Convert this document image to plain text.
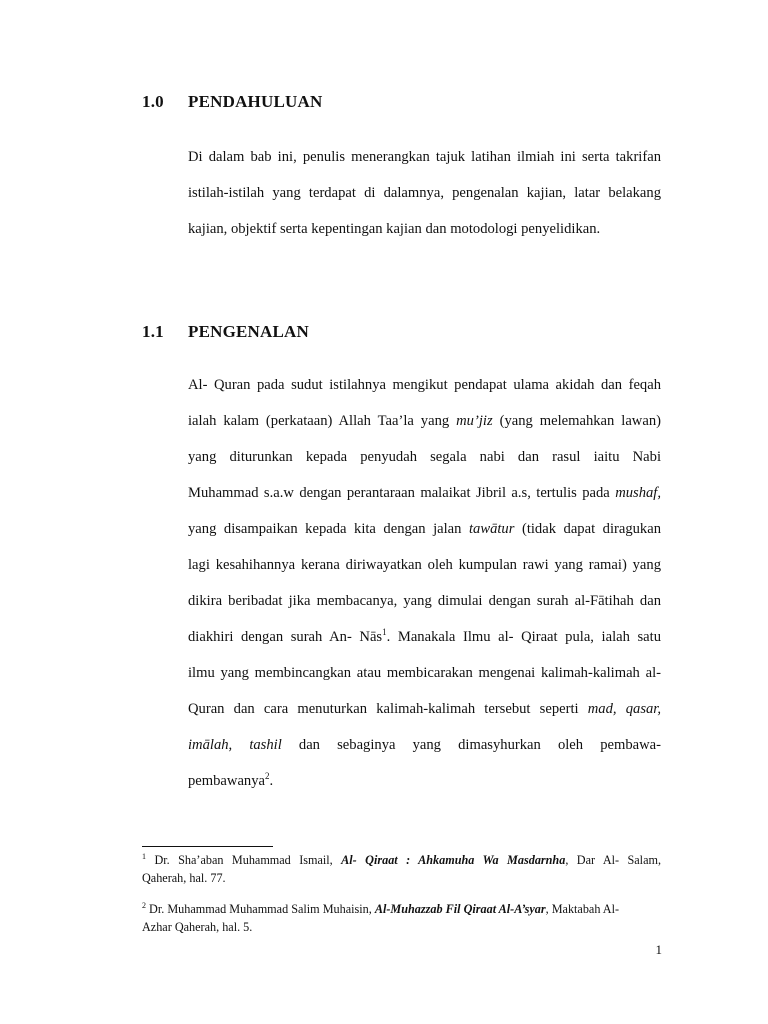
1.0 PENDAHULUAN
Di dalam bab ini, penulis menerangkan tajuk latihan ilmiah ini serta takrifan
istilah-istilah yang terdapat di dalamnya, pengenalan kajian, latar belakang
kajian, objektif serta kepentingan kajian dan motodologi penyelidikan.
1.1 PENGENALAN
Al- Quran pada sudut istilahnya mengikut pendapat ulama akidah dan feqah
ialah kalam (perkataan) Allah Taa’la yang mu’jiz (yang melemahkan lawan)
yang diturunkan kepada penyudah segala nabi dan rasul iaitu Nabi
Muhammad s.a.w dengan perantaraan malaikat Jibril a.s, tertulis pada mushaf,
yang disampaikan kepada kita dengan jalan tawātur (tidak dapat diragukan
lagi kesahihannya kerana diriwayatkan oleh kumpulan rawi yang ramai) yang
dikira beribadat jika membacanya, yang dimulai dengan surah al-Fātihah dan
diakhiri dengan surah An- Nās$^1$. Manakala Ilmu al- Qiraat pula, ialah satu
ilmu yang membincangkan atau membicarakan mengenai kalimah-kalimah al-
Quran dan cara menuturkan kalimah-kalimah tersebut seperti mad, qasar,
imālah, tashil dan sebaginya yang dimasyhurkan oleh pembawa-
pembawanya$^2$.
$^1$ Dr. Sha’aban Muhammad Ismail, Al- Qiraat : Ahkamuha Wa Masdarnha, Dar Al- Salam,
Qaherah, hal. 77.
$^2$ Dr. Muhammad Muhammad Salim Muhaisin, Al-Muhazzab Fil Qiraat Al-A’syar, Maktabah Al-
Azhar Qaherah, hal. 5.
1
